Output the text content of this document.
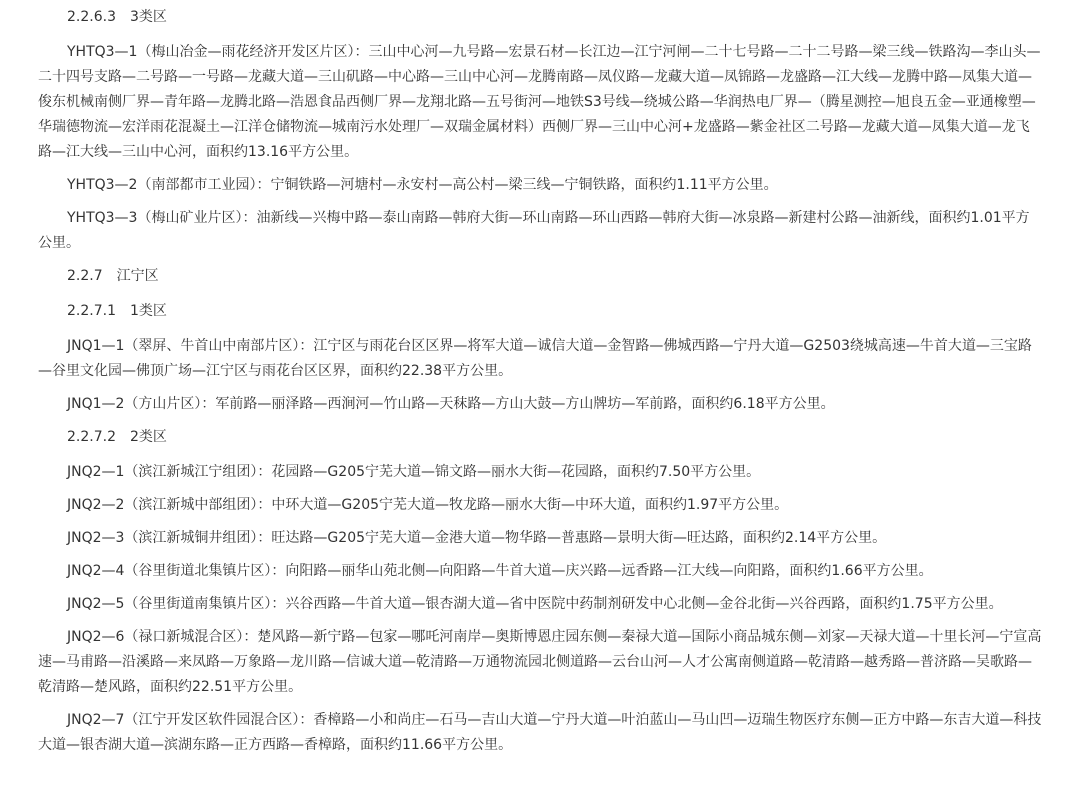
2.2.6.3　3类区

YHTQ3—1（梅山冶金—雨花经济开发区片区）：三山中心河—九号路—宏景石材—长江边—江宁河闸—二十七号路—二十二号路—梁三线—铁路沟—李山头—二十四号支路—二号路—一号路—龙藏大道—三山矶路—中心路—三山中心河—龙腾南路—凤仪路—龙藏大道—凤锦路—龙盛路—江大线—龙腾中路—凤集大道—俊东机械南侧厂界—青年路—龙腾北路—浩恩食品西侧厂界—龙翔北路—五号街河—地铁S3号线—绕城公路—华润热电厂界—（腾星测控—旭良五金—亚通橡塑—华瑞德物流—宏洋雨花混凝土—江洋仓储物流—城南污水处理厂—双瑞金属材料）西侧厂界—三山中心河+龙盛路—紫金社区二号路—龙藏大道—凤集大道—龙飞路—江大线—三山中心河，面积约13.16平方公里。

YHTQ3—2（南部都市工业园）：宁铜铁路—河塘村—永安村—高公村—梁三线—宁铜铁路，面积约1.11平方公里。

YHTQ3—3（梅山矿业片区）：油新线—兴梅中路—泰山南路—韩府大街—环山南路—环山西路—韩府大街—冰泉路—新建村公路—油新线，面积约1.01平方公里。

2.2.7　江宁区

2.2.7.1　1类区

JNQ1—1（翠屏、牛首山中南部片区）：江宁区与雨花台区区界—将军大道—诚信大道—金智路—佛城西路—宁丹大道—G2503绕城高速—牛首大道—三宝路—谷里文化园—佛顶广场—江宁区与雨花台区区界，面积约22.38平方公里。

JNQ1—2（方山片区）：军前路—丽泽路—西涧河—竹山路—天秣路—方山大鼓—方山牌坊—军前路，面积约6.18平方公里。

2.2.7.2　2类区

JNQ2—1（滨江新城江宁组团）：花园路—G205宁芜大道—锦文路—丽水大街—花园路，面积约7.50平方公里。

JNQ2—2（滨江新城中部组团）：中环大道—G205宁芜大道—牧龙路—丽水大街—中环大道，面积约1.97平方公里。

JNQ2—3（滨江新城铜井组团）：旺达路—G205宁芜大道—金港大道—物华路—普惠路—景明大街—旺达路，面积约2.14平方公里。

JNQ2—4（谷里街道北集镇片区）：向阳路—丽华山苑北侧—向阳路—牛首大道—庆兴路—远香路—江大线—向阳路，面积约1.66平方公里。

JNQ2—5（谷里街道南集镇片区）：兴谷西路—牛首大道—银杏湖大道—省中医院中药制剂研发中心北侧—金谷北街—兴谷西路，面积约1.75平方公里。

JNQ2—6（禄口新城混合区）：楚风路—新宁路—包家—哪吒河南岸—奥斯博恩庄园东侧—秦禄大道—国际小商品城东侧—刘家—天禄大道—十里长河—宁宣高速—马甫路—沿溪路—来凤路—万象路—龙川路—信诚大道—乾清路—万通物流园北侧道路—云台山河—人才公寓南侧道路—乾清路—越秀路—普济路—吴歌路—乾清路—楚风路，面积约22.51平方公里。

JNQ2—7（江宁开发区软件园混合区）：香樟路—小和尚庄—石马—吉山大道—宁丹大道—叶泊蓝山—马山凹—迈瑞生物医疗东侧—正方中路—东吉大道—科技大道—银杏湖大道—滨湖东路—正方西路—香樟路，面积约11.66平方公里。
